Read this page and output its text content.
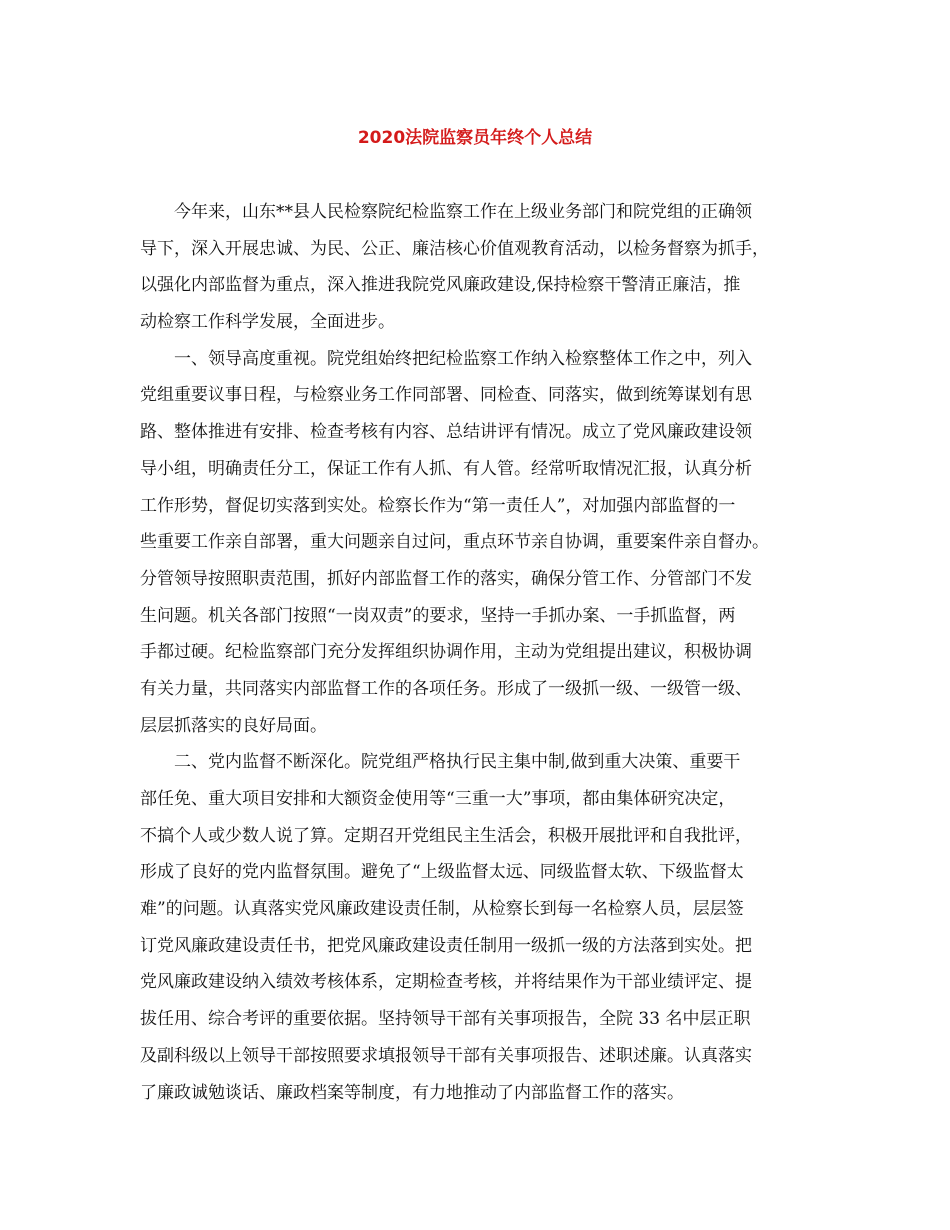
2020法院监察员年终个人总结

今年来，山东**县人民检察院纪检监察工作在上级业务部门和院党组的正确领

导下，深入开展忠诚、为民、公正、廉洁核心价值观教育活动，以检务督察为抓手，

以强化内部监督为重点，深入推进我院党风廉政建设,保持检察干警清正廉洁，推

动检察工作科学发展，全面进步。

一、领导高度重视。院党组始终把纪检监察工作纳入检察整体工作之中，列入

党组重要议事日程，与检察业务工作同部署、同检查、同落实，做到统筹谋划有思

路、整体推进有安排、检查考核有内容、总结讲评有情况。成立了党风廉政建设领

导小组，明确责任分工，保证工作有人抓、有人管。经常听取情况汇报，认真分析

工作形势，督促切实落到实处。检察长作为“第一责任人”，对加强内部监督的一

些重要工作亲自部署，重大问题亲自过问，重点环节亲自协调，重要案件亲自督办。

分管领导按照职责范围，抓好内部监督工作的落实，确保分管工作、分管部门不发

生问题。机关各部门按照“一岗双责”的要求，坚持一手抓办案、一手抓监督，两

手都过硬。纪检监察部门充分发挥组织协调作用，主动为党组提出建议，积极协调

有关力量，共同落实内部监督工作的各项任务。形成了一级抓一级、一级管一级、

层层抓落实的良好局面。

二、党内监督不断深化。院党组严格执行民主集中制,做到重大决策、重要干

部任免、重大项目安排和大额资金使用等“三重一大”事项，都由集体研究决定，

不搞个人或少数人说了算。定期召开党组民主生活会，积极开展批评和自我批评，

形成了良好的党内监督氛围。避免了“上级监督太远、同级监督太软、下级监督太

难”的问题。认真落实党风廉政建设责任制，从检察长到每一名检察人员，层层签

订党风廉政建设责任书，把党风廉政建设责任制用一级抓一级的方法落到实处。把

党风廉政建设纳入绩效考核体系，定期检查考核，并将结果作为干部业绩评定、提

拔任用、综合考评的重要依据。坚持领导干部有关事项报告，全院 33 名中层正职

及副科级以上领导干部按照要求填报领导干部有关事项报告、述职述廉。认真落实

了廉政诚勉谈话、廉政档案等制度，有力地推动了内部监督工作的落实。
